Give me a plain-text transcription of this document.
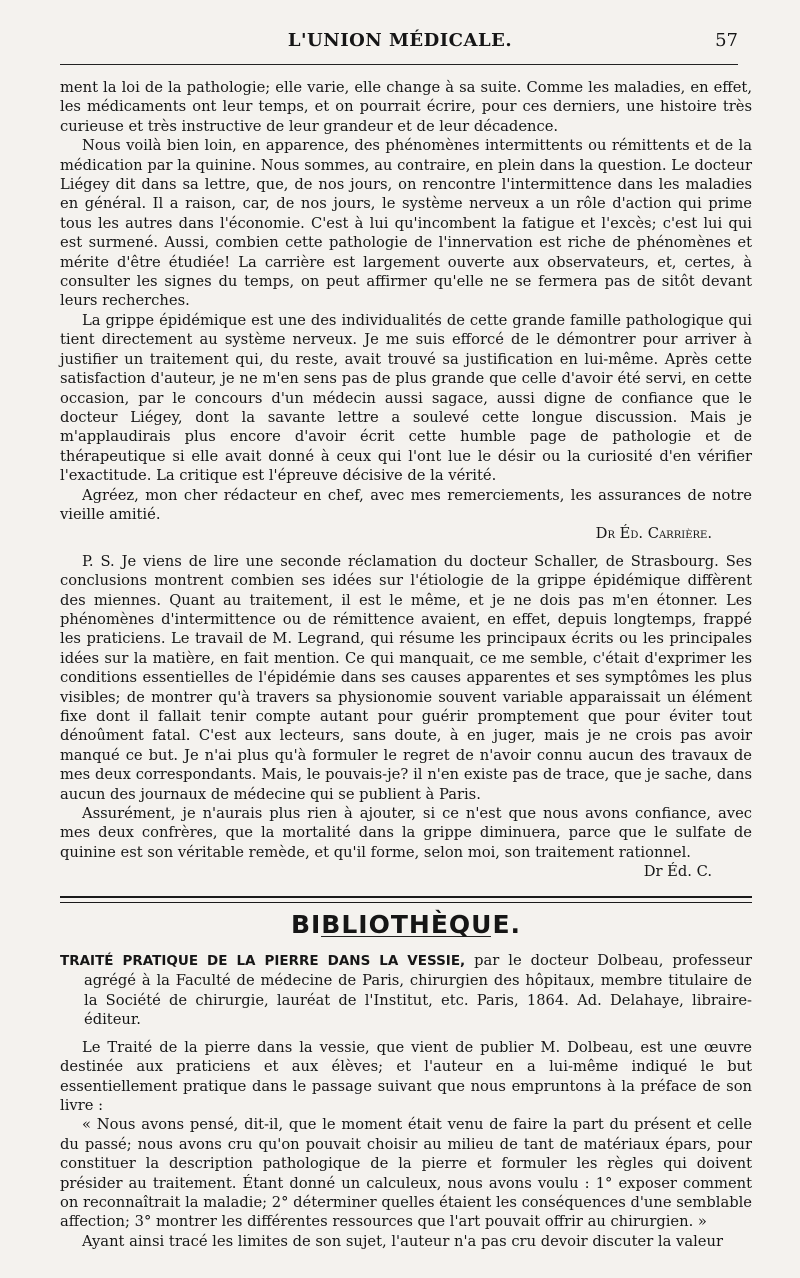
L'UNION MÉDICALE.	57

ment la loi de la pathologie; elle varie, elle change à sa suite. Comme les maladies, en effet, les médicaments ont leur temps, et on pourrait écrire, pour ces derniers, une histoire très curieuse et très instructive de leur grandeur et de leur décadence.

Nous voilà bien loin, en apparence, des phénomènes intermittents ou rémittents et de la médication par la quinine. Nous sommes, au contraire, en plein dans la question. Le docteur Liégey dit dans sa lettre, que, de nos jours, on rencontre l'intermittence dans les maladies en général. Il a raison, car, de nos jours, le système nerveux a un rôle d'action qui prime tous les autres dans l'économie. C'est à lui qu'incombent la fatigue et l'excès; c'est lui qui est surmené. Aussi, combien cette pathologie de l'innervation est riche de phénomènes et mérite d'être étudiée! La carrière est largement ouverte aux observateurs, et, certes, à consulter les signes du temps, on peut affirmer qu'elle ne se fermera pas de sitôt devant leurs recherches.

La grippe épidémique est une des individualités de cette grande famille pathologique qui tient directement au système nerveux. Je me suis efforcé de le démontrer pour arriver à justifier un traitement qui, du reste, avait trouvé sa justification en lui-même. Après cette satisfaction d'auteur, je ne m'en sens pas de plus grande que celle d'avoir été servi, en cette occasion, par le concours d'un médecin aussi sagace, aussi digne de confiance que le docteur Liégey, dont la savante lettre a soulevé cette longue discussion. Mais je m'applaudirais plus encore d'avoir écrit cette humble page de pathologie et de thérapeutique si elle avait donné à ceux qui l'ont lue le désir ou la curiosité d'en vérifier l'exactitude. La critique est l'épreuve décisive de la vérité.

Agréez, mon cher rédacteur en chef, avec mes remerciements, les assurances de notre vieille amitié.

Dr Éd. Carrière.

P. S. Je viens de lire une seconde réclamation du docteur Schaller, de Strasbourg. Ses conclusions montrent combien ses idées sur l'étiologie de la grippe épidémique diffèrent des miennes. Quant au traitement, il est le même, et je ne dois pas m'en étonner. Les phénomènes d'intermittence ou de rémittence avaient, en effet, depuis longtemps, frappé les praticiens. Le travail de M. Legrand, qui résume les principaux écrits ou les principales idées sur la matière, en fait mention. Ce qui manquait, ce me semble, c'était d'exprimer les conditions essentielles de l'épidémie dans ses causes apparentes et ses symptômes les plus visibles; de montrer qu'à travers sa physionomie souvent variable apparaissait un élément fixe dont il fallait tenir compte autant pour guérir promptement que pour éviter tout dénoûment fatal. C'est aux lecteurs, sans doute, à en juger, mais je ne crois pas avoir manqué ce but. Je n'ai plus qu'à formuler le regret de n'avoir connu aucun des travaux de mes deux correspondants. Mais, le pouvais-je? il n'en existe pas de trace, que je sache, dans aucun des journaux de médecine qui se publient à Paris.

Assurément, je n'aurais plus rien à ajouter, si ce n'est que nous avons confiance, avec mes deux confrères, que la mortalité dans la grippe diminuera, parce que le sulfate de quinine est son véritable remède, et qu'il forme, selon moi, son traitement rationnel.

Dr Éd. C.

BIBLIOTHÈQUE.

TRAITÉ PRATIQUE DE LA PIERRE DANS LA VESSIE, par le docteur Dolbeau, professeur agrégé à la Faculté de médecine de Paris, chirurgien des hôpitaux, membre titulaire de la Société de chirurgie, lauréat de l'Institut, etc. Paris, 1864. Ad. Delahaye, libraire-éditeur.

Le Traité de la pierre dans la vessie, que vient de publier M. Dolbeau, est une œuvre destinée aux praticiens et aux élèves; et l'auteur en a lui-même indiqué le but essentiellement pratique dans le passage suivant que nous empruntons à la préface de son livre :

« Nous avons pensé, dit-il, que le moment était venu de faire la part du présent et celle du passé; nous avons cru qu'on pouvait choisir au milieu de tant de matériaux épars, pour constituer la description pathologique de la pierre et formuler les règles qui doivent présider au traitement. Étant donné un calculeux, nous avons voulu : 1° exposer comment on reconnaîtrait la maladie; 2° déterminer quelles étaient les conséquences d'une semblable affection; 3° montrer les différentes ressources que l'art pouvait offrir au chirurgien. »

Ayant ainsi tracé les limites de son sujet, l'auteur n'a pas cru devoir discuter la valeur
